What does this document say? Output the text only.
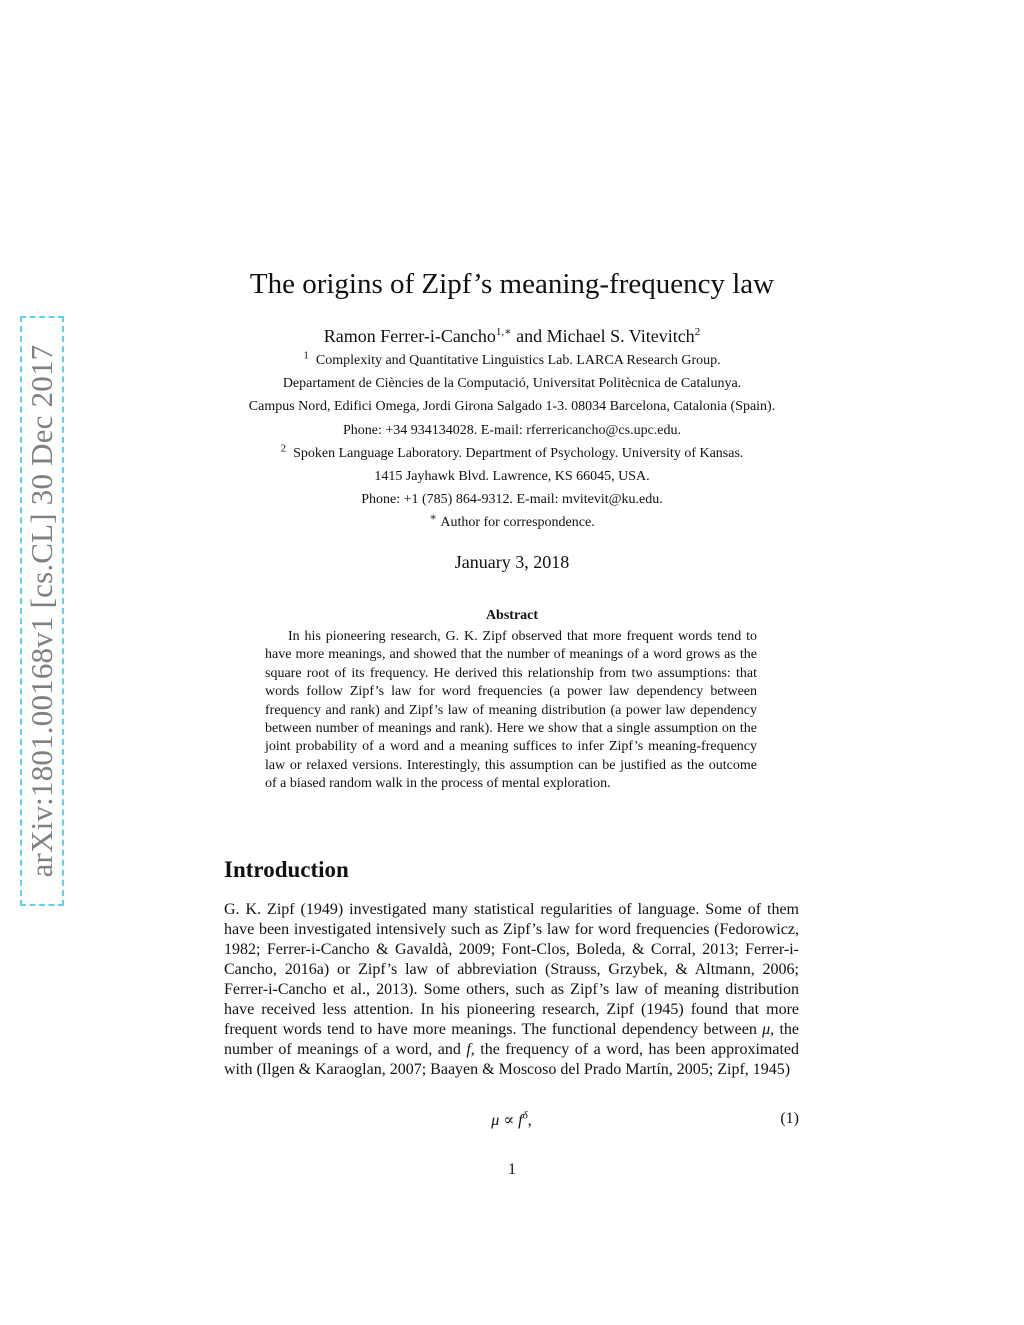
arXiv:1801.00168v1 [cs.CL] 30 Dec 2017
The origins of Zipf’s meaning-frequency law
Ramon Ferrer-i-Cancho$^{1,∗}$ and Michael S. Vitevitch$^2$
$^1$ Complexity and Quantitative Linguistics Lab. LARCA Research Group.
Departament de Ciències de la Computació, Universitat Politècnica de Catalunya.
Campus Nord, Edifici Omega, Jordi Girona Salgado 1-3. 08034 Barcelona, Catalonia (Spain).
Phone: +34 934134028. E-mail: rferrericancho@cs.upc.edu.
$^2$ Spoken Language Laboratory. Department of Psychology. University of Kansas.
1415 Jayhawk Blvd. Lawrence, KS 66045, USA.
Phone: +1 (785) 864-9312. E-mail: mvitevit@ku.edu.
∗ Author for correspondence.
January 3, 2018
Abstract
In his pioneering research, G. K. Zipf observed that more frequent words tend to have more meanings, and showed that the number of meanings of a word grows as the square root of its frequency. He derived this relationship from two assumptions: that words follow Zipf’s law for word frequencies (a power law dependency between frequency and rank) and Zipf’s law of meaning distribution (a power law dependency between number of meanings and rank). Here we show that a single assumption on the joint probability of a word and a meaning suffices to infer Zipf’s meaning-frequency law or relaxed versions. Interestingly, this assumption can be justified as the outcome of a biased random walk in the process of mental exploration.
Introduction
G. K. Zipf (1949) investigated many statistical regularities of language. Some of them have been investigated intensively such as Zipf’s law for word frequencies (Fedorowicz, 1982; Ferrer-i-Cancho & Gavaldà, 2009; Font-Clos, Boleda, & Corral, 2013; Ferrer-i-Cancho, 2016a) or Zipf’s law of abbreviation (Strauss, Grzybek, & Altmann, 2006; Ferrer-i-Cancho et al., 2013). Some others, such as Zipf’s law of meaning distribution have received less attention. In his pioneering research, Zipf (1945) found that more frequent words tend to have more meanings. The functional dependency between μ, the number of meanings of a word, and f, the frequency of a word, has been approximated with (Ilgen & Karaoglan, 2007; Baayen & Moscoso del Prado Martín, 2005; Zipf, 1945)
$\mu \propto f^\delta$,	(1)
1
